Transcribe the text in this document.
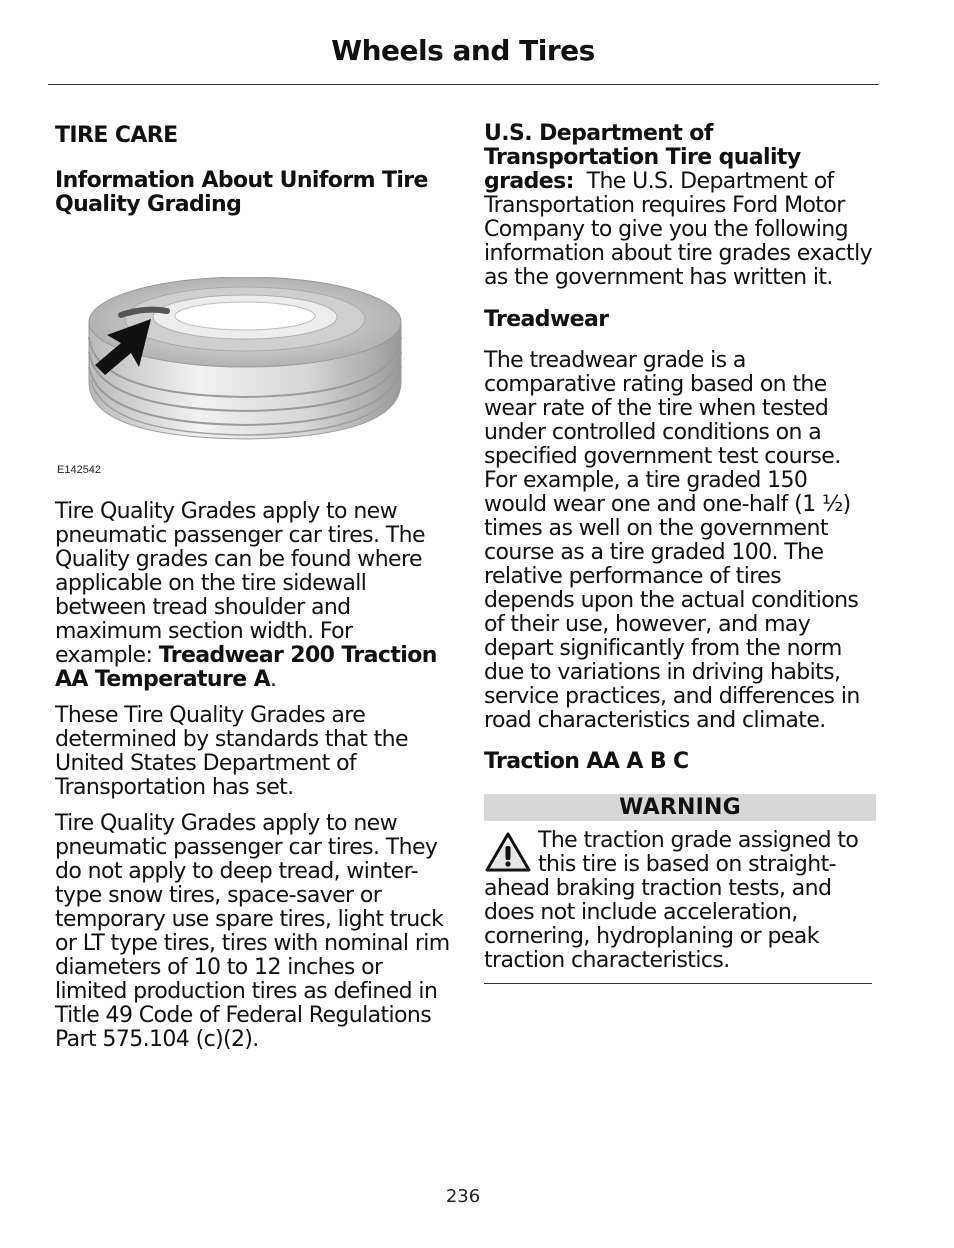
Wheels and Tires

TIRE CARE

Information About Uniform Tire Quality Grading

E142542

Tire Quality Grades apply to new pneumatic passenger car tires. The Quality grades can be found where applicable on the tire sidewall between tread shoulder and maximum section width. For example: Treadwear 200 Traction AA Temperature A.

These Tire Quality Grades are determined by standards that the United States Department of Transportation has set.

Tire Quality Grades apply to new pneumatic passenger car tires. They do not apply to deep tread, winter-type snow tires, space-saver or temporary use spare tires, light truck or LT type tires, tires with nominal rim diameters of 10 to 12 inches or limited production tires as defined in Title 49 Code of Federal Regulations Part 575.104 (c)(2).

U.S. Department of Transportation Tire quality grades: The U.S. Department of Transportation requires Ford Motor Company to give you the following information about tire grades exactly as the government has written it.

Treadwear

The treadwear grade is a comparative rating based on the wear rate of the tire when tested under controlled conditions on a specified government test course. For example, a tire graded 150 would wear one and one-half (1 ½) times as well on the government course as a tire graded 100. The relative performance of tires depends upon the actual conditions of their use, however, and may depart significantly from the norm due to variations in driving habits, service practices, and differences in road characteristics and climate.

Traction AA A B C

WARNING

The traction grade assigned to this tire is based on straight-ahead braking traction tests, and does not include acceleration, cornering, hydroplaning or peak traction characteristics.

236
